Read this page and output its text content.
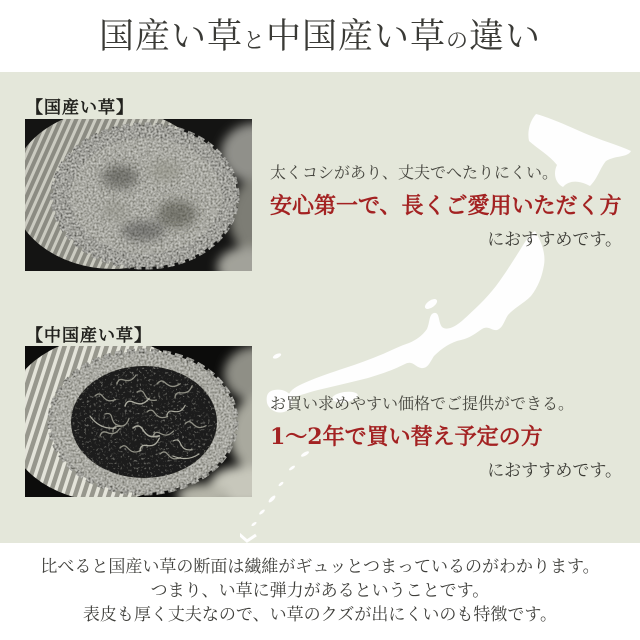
国産い草と中国産い草の違い
【国産い草】

太くコシがあり、丈夫でへたりにくい。

安心第一で、長くご愛用いただく方

におすすめです。

【中国産い草】

お買い求めやすい価格でご提供ができる。

1〜2年で買い替え予定の方

におすすめです。

比べると国産い草の断面は繊維がギュッとつまっているのがわかります。

つまり、い草に弾力があるということです。

表皮も厚く丈夫なので、い草のクズが出にくいのも特徴です。
